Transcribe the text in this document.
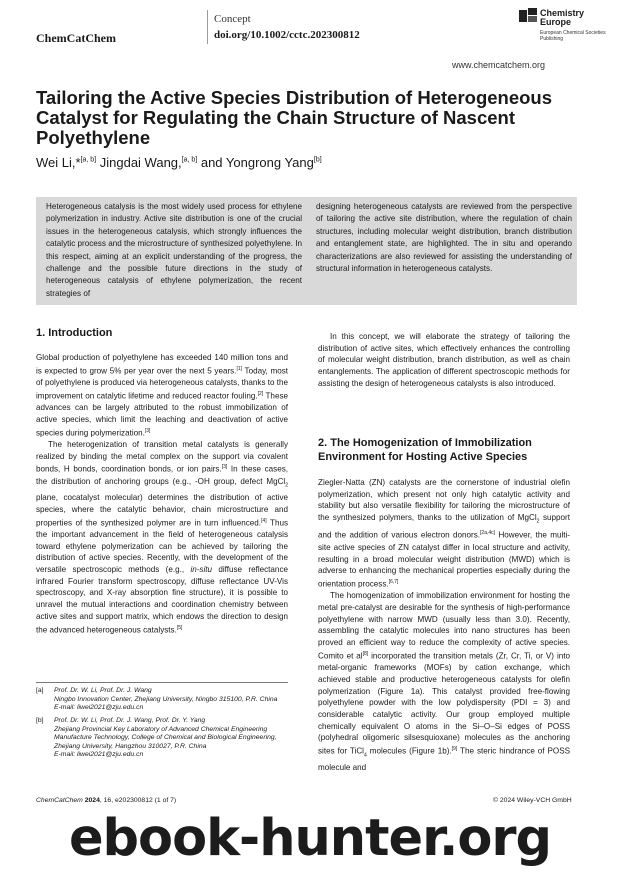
ChemCatChem
Concept
doi.org/10.1002/cctc.202300812
Chemistry Europe
European Chemical Societies Publishing
www.chemcatchem.org
Tailoring the Active Species Distribution of Heterogeneous Catalyst for Regulating the Chain Structure of Nascent Polyethylene
Wei Li,*[a, b] Jingdai Wang,[a, b] and Yongrong Yang[b]
Heterogeneous catalysis is the most widely used process for ethylene polymerization in industry. Active site distribution is one of the crucial issues in the heterogeneous catalysis, which strongly influences the catalytic process and the microstructure of synthesized polyethylene. In this respect, aiming at an explicit understanding of the progress, the challenge and the possible future directions in the study of heterogeneous catalysis of ethylene polymerization, the recent strategies of
designing heterogeneous catalysts are reviewed from the perspective of tailoring the active site distribution, where the regulation of chain structures, including molecular weight distribution, branch distribution and entanglement state, are highlighted. The in situ and operando characterizations are also reviewed for assisting the understanding of structural information in heterogeneous catalysts.
1. Introduction

Global production of polyethylene has exceeded 140 million tons and is expected to grow 5% per year over the next 5 years.[1] Today, most of polyethylene is produced via heterogeneous catalysts, thanks to the improvement on catalytic lifetime and reduced reactor fouling.[2] These advances can be largely attributed to the robust immobilization of active species, which limit the leaching and deactivation of active species during polymerization.[3]

The heterogenization of transition metal catalysts is generally realized by binding the metal complex on the support via covalent bonds, H bonds, coordination bonds, or ion pairs.[3] In these cases, the distribution of anchoring groups (e.g., -OH group, defect MgCl$_2$ plane, cocatalyst molecular) determines the distribution of active species, where the catalytic behavior, chain microstructure and properties of the synthesized polymer are in turn influenced.[4] Thus the important advancement in the field of heterogeneous catalysis toward ethylene polymerization can be achieved by tailoring the distribution of active species. Recently, with the development of the versatile spectroscopic methods (e.g., in-situ diffuse reflectance infrared Fourier transform spectroscopy, diffuse reflectance UV-Vis spectroscopy, and X-ray absorption fine structure), it is possible to unravel the mutual interactions and coordination chemistry between active sites and support matrix, which endows the direction to design the advanced heterogeneous catalysts.[5]

[a] Prof. Dr. W. Li, Prof. Dr. J. Wang
Ningbo Innovation Center, Zhejiang University, Ningbo 315100, P.R. China
E-mail: liwei2021@zju.edu.cn
[b] Prof. Dr. W. Li, Prof. Dr. J. Wang, Prof. Dr. Y. Yang
Zhejiang Provincial Key Laboratory of Advanced Chemical Engineering
Manufacture Technology, College of Chemical and Biological Engineering,
Zhejiang University, Hangzhou 310027, P.R. China
E-mail: liwei2021@zju.edu.cn

In this concept, we will elaborate the strategy of tailoring the distribution of active sites, which effectively enhances the controlling of molecular weight distribution, branch distribution, as well as chain entanglements. The application of different spectroscopic methods for assisting the design of heterogeneous catalysts is also introduced.

2. The Homogenization of Immobilization Environment for Hosting Active Species

Ziegler-Natta (ZN) catalysts are the cornerstone of industrial olefin polymerization, which present not only high catalytic activity and stability but also versatile flexibility for tailoring the microstructure of the synthesized polymers, thanks to the utilization of MgCl$_2$ support and the addition of various electron donors.[2a,4c] However, the multi-site active species of ZN catalyst differ in local structure and activity, resulting in a broad molecular weight distribution (MWD) which is adverse to enhancing the mechanical properties especially during the orientation process.[6,7]

The homogenization of immobilization environment for hosting the metal pre-catalyst are desirable for the synthesis of high-performance polyethylene with narrow MWD (usually less than 3.0). Recently, assembling the catalytic molecules into nano structures has been proved an efficient way to reduce the complexity of active species. Comito et al[8] incorporated the transition metals (Zr, Cr, Ti, or V) into metal-organic frameworks (MOFs) by cation exchange, which achieved stable and productive heterogeneous catalysts for olefin polymerization (Figure 1a). This catalyst provided free-flowing polyethylene powder with the low polydispersity (PDI = 3) and considerable catalytic activity. Our group employed multiple chemically equivalent O atoms in the Si–O–Si edges of POSS (polyhedral oligomeric silsesquioxane) molecules as the anchoring sites for TiCl$_4$ molecules (Figure 1b).[9] The steric hindrance of POSS molecule and

ChemCatChem 2024, 16, e202300812 (1 of 7)	© 2024 Wiley-VCH GmbH
ebook-hunter.org
